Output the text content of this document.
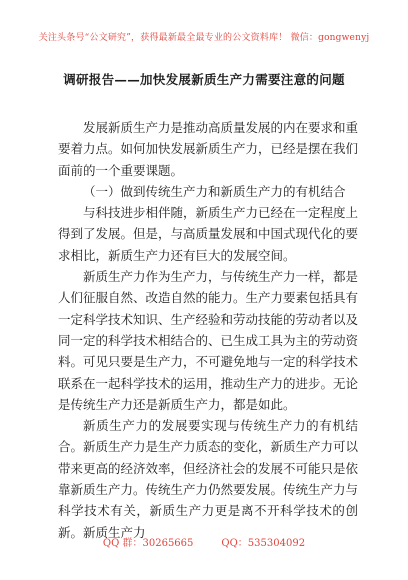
关注头条号“公文研究”，获得最新最全最专业的公文资料库！ 微信：gongwenyj
调研报告——加快发展新质生产力需要注意的问题

发展新质生产力是推动高质量发展的内在要求和重要着力点。如何加快发展新质生产力，已经是摆在我们面前的一个重要课题。

（一）做到传统生产力和新质生产力的有机结合

与科技进步相伴随，新质生产力已经在一定程度上得到了发展。但是，与高质量发展和中国式现代化的要求相比，新质生产力还有巨大的发展空间。

新质生产力作为生产力，与传统生产力一样，都是人们征服自然、改造自然的能力。生产力要素包括具有一定科学技术知识、生产经验和劳动技能的劳动者以及同一定的科学技术相结合的、已生成工具为主的劳动资料。可见只要是生产力，不可避免地与一定的科学技术联系在一起科学技术的运用，推动生产力的进步。无论是传统生产力还是新质生产力，都是如此。

新质生产力的发展要实现与传统生产力的有机结合。新质生产力是生产力质态的变化，新质生产力可以带来更高的经济效率，但经济社会的发展不可能只是依靠新质生产力。传统生产力仍然要发展。传统生产力与科学技术有关，新质生产力更是离不开科学技术的创新。新质生产力

QQ 群：30265665	QQ：535304092
